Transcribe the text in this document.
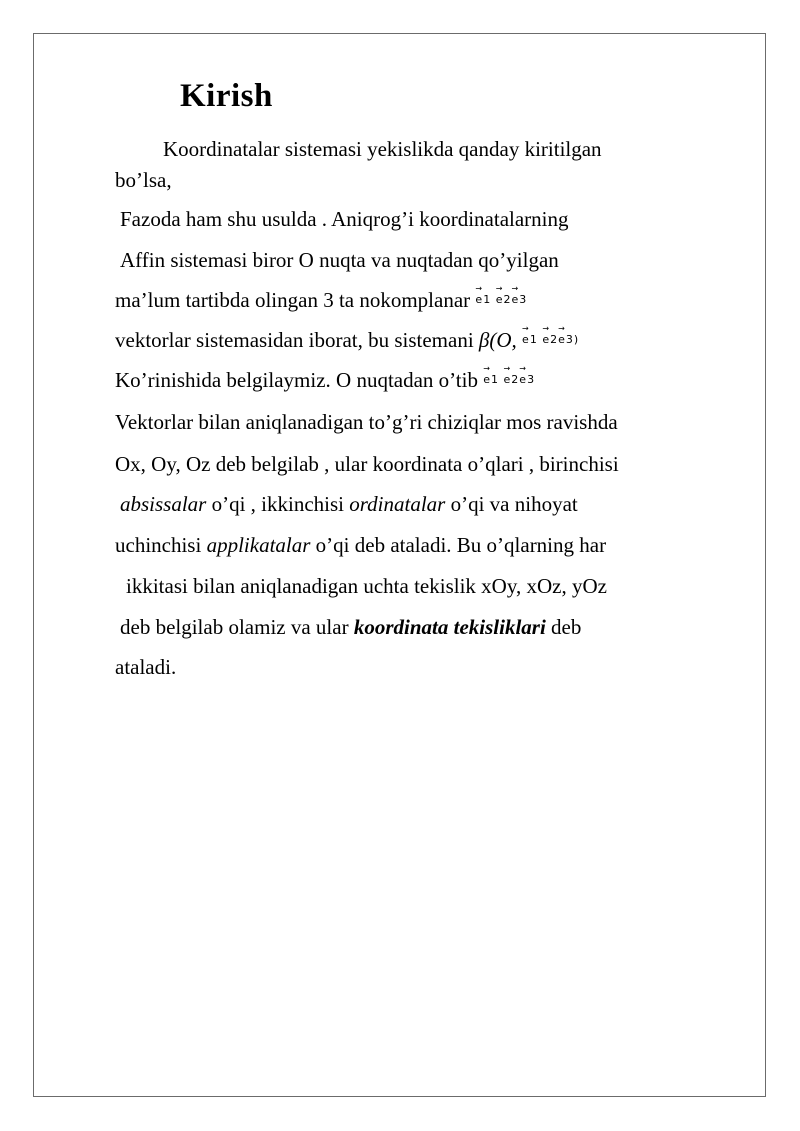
Kirish
Koordinatalar sistemasi yekislikda qanday kiritilgan
bo’lsa,
Fazoda ham shu usulda . Aniqrog’i koordinatalarning
Affin sistemasi biror O nuqta va nuqtadan qo’yilgan
ma’lum tartibda olingan 3 ta nokomplanar → e1 → e2→ e3
vektorlar sistemasidan iborat, bu sistemani β(O, → e1 → e2→ e3)
Ko’rinishida belgilaymiz. O nuqtadan o’tib → e1 → e2→ e3
Vektorlar bilan aniqlanadigan to’g’ri chiziqlar mos ravishda
Ox, Oy, Oz deb belgilab , ular koordinata o’qlari , birinchisi
absissalar o’qi , ikkinchisi ordinatalar o’qi va nihoyat
uchinchisi applikatalar o’qi deb ataladi. Bu o’qlarning har
ikkitasi bilan aniqlanadigan uchta tekislik xOy, xOz, yOz
deb belgilab olamiz va ular koordinata tekisliklari deb
ataladi.
